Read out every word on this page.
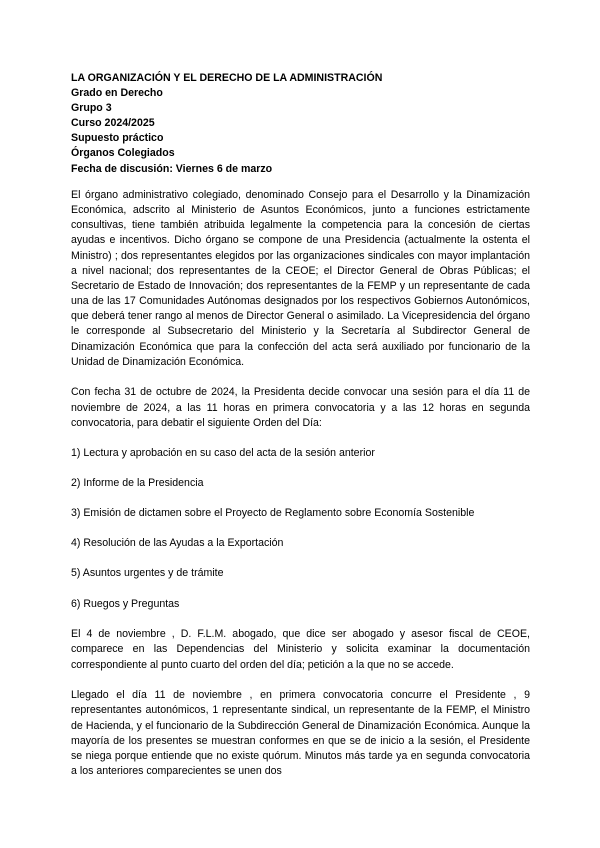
LA ORGANIZACIÓN Y EL DERECHO DE LA ADMINISTRACIÓN
Grado en Derecho
Grupo 3
Curso 2024/2025
Supuesto práctico
Órganos Colegiados
Fecha de discusión: Viernes 6 de marzo

El órgano administrativo colegiado, denominado Consejo para el Desarrollo y la Dinamización Económica, adscrito al Ministerio de Asuntos Económicos, junto a funciones estrictamente consultivas, tiene también atribuida legalmente la competencia para la concesión de ciertas ayudas e incentivos. Dicho órgano se compone de una Presidencia (actualmente la ostenta el Ministro) ; dos representantes elegidos por las organizaciones sindicales con mayor implantación a nivel nacional; dos representantes de la CEOE; el Director General de Obras Públicas; el Secretario de Estado de Innovación; dos representantes de la FEMP y un representante de cada una de las 17 Comunidades Autónomas designados por los respectivos Gobiernos Autonómicos, que deberá tener rango al menos de Director General o asimilado. La Vicepresidencia del órgano le corresponde al Subsecretario del Ministerio y la Secretaría al Subdirector General de Dinamización Económica que para la confección del acta será auxiliado por funcionario de la Unidad de Dinamización Económica.

Con fecha 31 de octubre de 2024, la Presidenta decide convocar una sesión para el día 11 de noviembre de 2024, a las 11 horas en primera convocatoria y a las 12 horas en segunda convocatoria, para debatir el siguiente Orden del Día:

1) Lectura y aprobación en su caso del acta de la sesión anterior

2) Informe de la Presidencia

3) Emisión de dictamen sobre el Proyecto de Reglamento sobre Economía Sostenible

4) Resolución de las Ayudas a la Exportación

5) Asuntos urgentes y de trámite

6) Ruegos y Preguntas

El 4 de noviembre , D. F.L.M. abogado, que dice ser abogado y asesor fiscal de CEOE, comparece en las Dependencias del Ministerio y solicita examinar la documentación correspondiente al punto cuarto del orden del día; petición a la que no se accede.

Llegado el día 11 de noviembre , en primera convocatoria concurre el Presidente , 9 representantes autonómicos, 1 representante sindical, un representante de la FEMP, el Ministro de Hacienda, y el funcionario de la Subdirección General de Dinamización Económica. Aunque la mayoría de los presentes se muestran conformes en que se de inicio a la sesión, el Presidente se niega porque entiende que no existe quórum. Minutos más tarde ya en segunda convocatoria a los anteriores comparecientes se unen dos
